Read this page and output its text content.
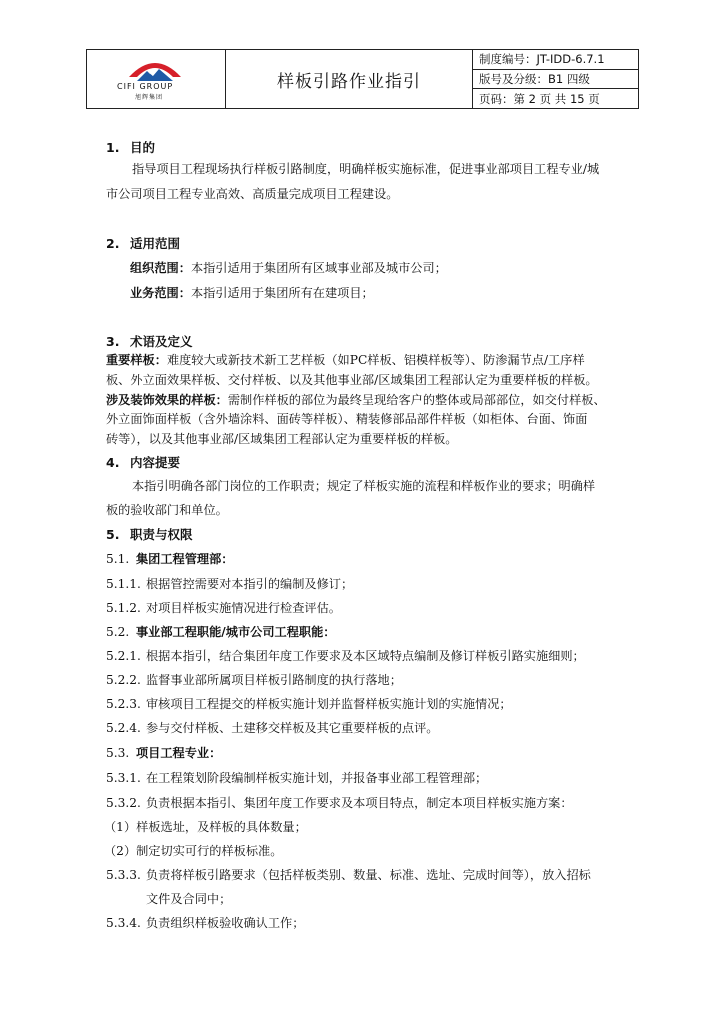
CIFI GROUP
旭辉集团
样板引路作业指引
制度编号：JT-IDD-6.7.1
版号及分级：B1 四级
页码：第 2 页 共 15 页
1. 目的
指导项目工程现场执行样板引路制度，明确样板实施标准，促进事业部项目工程专业/城
市公司项目工程专业高效、高质量完成项目工程建设。
2. 适用范围
组织范围：本指引适用于集团所有区域事业部及城市公司；
业务范围：本指引适用于集团所有在建项目；
3. 术语及定义
重要样板：难度较大或新技术新工艺样板（如PC样板、铝模样板等）、防渗漏节点/工序样
板、外立面效果样板、交付样板、以及其他事业部/区域集团工程部认定为重要样板的样板。
涉及装饰效果的样板：需制作样板的部位为最终呈现给客户的整体或局部部位，如交付样板、
外立面饰面样板（含外墙涂料、面砖等样板）、精装修部品部件样板（如柜体、台面、饰面
砖等），以及其他事业部/区域集团工程部认定为重要样板的样板。
4. 内容提要
本指引明确各部门岗位的工作职责；规定了样板实施的流程和样板作业的要求；明确样
板的验收部门和单位。
5. 职责与权限
5.1. 集团工程管理部：
5.1.1. 根据管控需要对本指引的编制及修订；
5.1.2. 对项目样板实施情况进行检查评估。
5.2. 事业部工程职能/城市公司工程职能：
5.2.1. 根据本指引，结合集团年度工作要求及本区域特点编制及修订样板引路实施细则；
5.2.2. 监督事业部所属项目样板引路制度的执行落地；
5.2.3. 审核项目工程提交的样板实施计划并监督样板实施计划的实施情况；
5.2.4. 参与交付样板、土建移交样板及其它重要样板的点评。
5.3. 项目工程专业：
5.3.1. 在工程策划阶段编制样板实施计划，并报备事业部工程管理部；
5.3.2. 负责根据本指引、集团年度工作要求及本项目特点，制定本项目样板实施方案：
（1）样板选址，及样板的具体数量；
（2）制定切实可行的样板标准。
5.3.3. 负责将样板引路要求（包括样板类别、数量、标准、选址、完成时间等），放入招标
文件及合同中；
5.3.4. 负责组织样板验收确认工作；
